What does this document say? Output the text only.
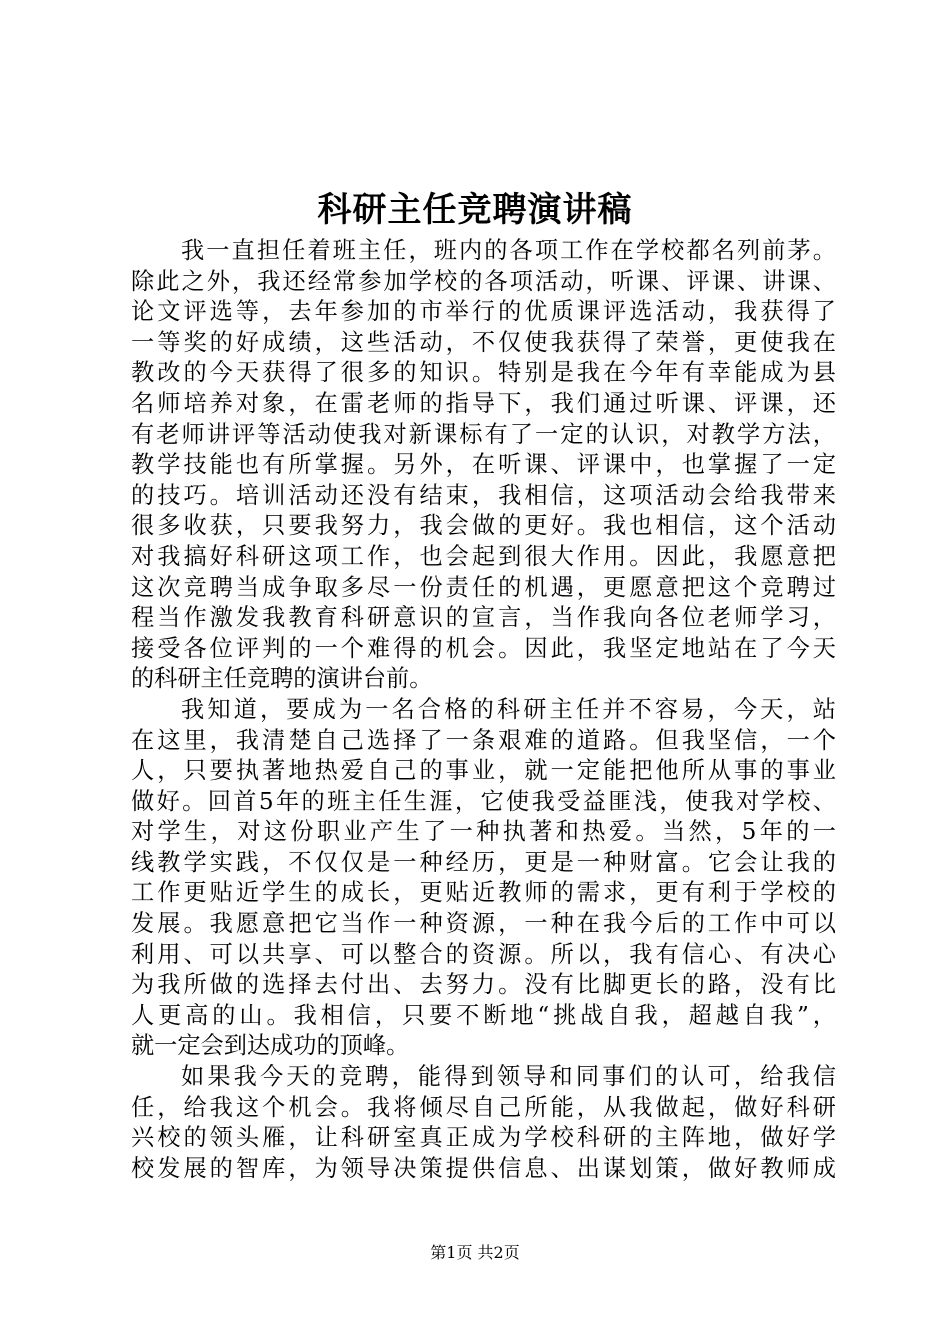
科研主任竞聘演讲稿
我一直担任着班主任，班内的各项工作在学校都名列前茅。
除此之外，我还经常参加学校的各项活动，听课、评课、讲课、
论文评选等，去年参加的市举行的优质课评选活动，我获得了
一等奖的好成绩，这些活动，不仅使我获得了荣誉，更使我在
教改的今天获得了很多的知识。特别是我在今年有幸能成为县
名师培养对象，在雷老师的指导下，我们通过听课、评课，还
有老师讲评等活动使我对新课标有了一定的认识，对教学方法，
教学技能也有所掌握。另外，在听课、评课中，也掌握了一定
的技巧。培训活动还没有结束，我相信，这项活动会给我带来
很多收获，只要我努力，我会做的更好。我也相信，这个活动
对我搞好科研这项工作，也会起到很大作用。因此，我愿意把
这次竞聘当成争取多尽一份责任的机遇，更愿意把这个竞聘过
程当作激发我教育科研意识的宣言，当作我向各位老师学习，
接受各位评判的一个难得的机会。因此，我坚定地站在了今天
的科研主任竞聘的演讲台前。
我知道，要成为一名合格的科研主任并不容易，今天，站
在这里，我清楚自己选择了一条艰难的道路。但我坚信，一个
人，只要执著地热爱自己的事业，就一定能把他所从事的事业
做好。回首5年的班主任生涯，它使我受益匪浅，使我对学校、
对学生，对这份职业产生了一种执著和热爱。当然，5年的一
线教学实践，不仅仅是一种经历，更是一种财富。它会让我的
工作更贴近学生的成长，更贴近教师的需求，更有利于学校的
发展。我愿意把它当作一种资源，一种在我今后的工作中可以
利用、可以共享、可以整合的资源。所以，我有信心、有决心
为我所做的选择去付出、去努力。没有比脚更长的路，没有比
人更高的山。我相信，只要不断地“挑战自我，超越自我”，
就一定会到达成功的顶峰。
如果我今天的竞聘，能得到领导和同事们的认可，给我信
任，给我这个机会。我将倾尽自己所能，从我做起，做好科研
兴校的领头雁，让科研室真正成为学校科研的主阵地，做好学
校发展的智库，为领导决策提供信息、出谋划策，做好教师成
第1页 共2页
